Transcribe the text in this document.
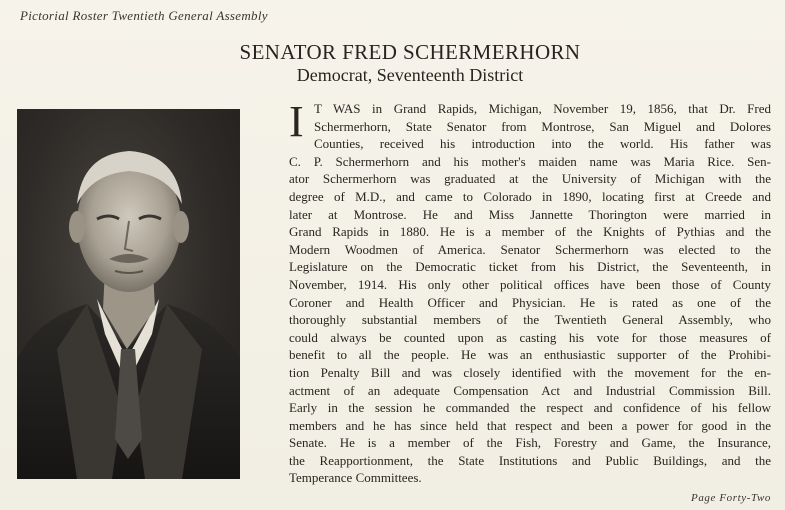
Pictorial Roster Twentieth General Assembly
SENATOR FRED SCHERMERHORN
Democrat, Seventeenth District
I T WAS in Grand Rapids, Michigan, November 19, 1856, that Dr. Fred
Schermerhorn, State Senator from Montrose, San Miguel and Dolores
Counties, received his introduction into the world. His father was
C. P. Schermerhorn and his mother's maiden name was Maria Rice. Sen-
ator Schermerhorn was graduated at the University of Michigan with the
degree of M.D., and came to Colorado in 1890, locating first at Creede and
later at Montrose. He and Miss Jannette Thorington were married in
Grand Rapids in 1880. He is a member of the Knights of Pythias and the
Modern Woodmen of America. Senator Schermerhorn was elected to the
Legislature on the Democratic ticket from his District, the Seventeenth, in
November, 1914. His only other political offices have been those of County
Coroner and Health Officer and Physician. He is rated as one of the
thoroughly substantial members of the Twentieth General Assembly, who
could always be counted upon as casting his vote for those measures of
benefit to all the people. He was an enthusiastic supporter of the Prohibi-
tion Penalty Bill and was closely identified with the movement for the en-
actment of an adequate Compensation Act and Industrial Commission Bill.
Early in the session he commanded the respect and confidence of his fellow
members and he has since held that respect and been a power for good in the
Senate. He is a member of the Fish, Forestry and Game, the Insurance,
the Reapportionment, the State Institutions and Public Buildings, and the
Temperance Committees.
Page Forty-Two
